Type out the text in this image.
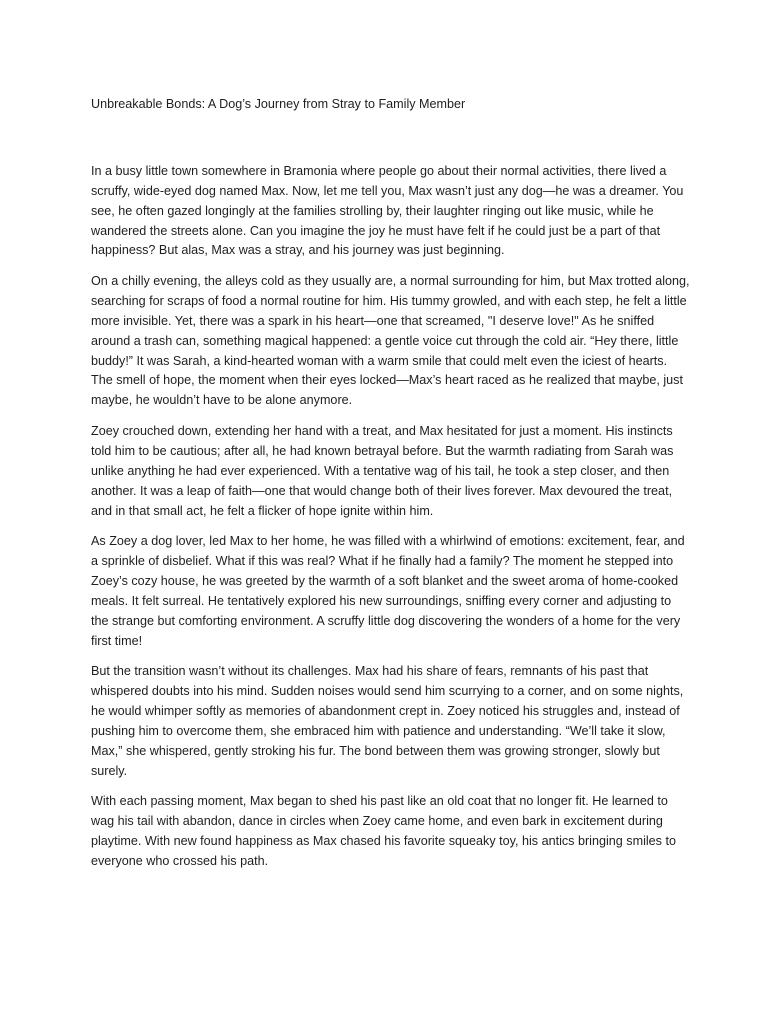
Unbreakable Bonds: A Dog’s Journey from Stray to Family Member

In a busy little town somewhere in Bramonia where people go about their normal activities, there lived a scruffy, wide-eyed dog named Max. Now, let me tell you, Max wasn’t just any dog—he was a dreamer. You see, he often gazed longingly at the families strolling by, their laughter ringing out like music, while he wandered the streets alone. Can you imagine the joy he must have felt if he could just be a part of that happiness? But alas, Max was a stray, and his journey was just beginning.

On a chilly evening, the alleys cold as they usually are, a normal surrounding for him, but Max trotted along, searching for scraps of food a normal routine for him. His tummy growled, and with each step, he felt a little more invisible. Yet, there was a spark in his heart—one that screamed, "I deserve love!" As he sniffed around a trash can, something magical happened: a gentle voice cut through the cold air. “Hey there, little buddy!” It was Sarah, a kind-hearted woman with a warm smile that could melt even the iciest of hearts. The smell of hope, the moment when their eyes locked—Max’s heart raced as he realized that maybe, just maybe, he wouldn’t have to be alone anymore.

Zoey crouched down, extending her hand with a treat, and Max hesitated for just a moment. His instincts told him to be cautious; after all, he had known betrayal before. But the warmth radiating from Sarah was unlike anything he had ever experienced. With a tentative wag of his tail, he took a step closer, and then another. It was a leap of faith—one that would change both of their lives forever. Max devoured the treat, and in that small act, he felt a flicker of hope ignite within him.

As Zoey a dog lover, led Max to her home, he was filled with a whirlwind of emotions: excitement, fear, and a sprinkle of disbelief. What if this was real? What if he finally had a family? The moment he stepped into Zoey’s cozy house, he was greeted by the warmth of a soft blanket and the sweet aroma of home-cooked meals. It felt surreal. He tentatively explored his new surroundings, sniffing every corner and adjusting to the strange but comforting environment. A scruffy little dog discovering the wonders of a home for the very first time!

But the transition wasn’t without its challenges. Max had his share of fears, remnants of his past that whispered doubts into his mind. Sudden noises would send him scurrying to a corner, and on some nights, he would whimper softly as memories of abandonment crept in. Zoey noticed his struggles and, instead of pushing him to overcome them, she embraced him with patience and understanding. “We’ll take it slow, Max,” she whispered, gently stroking his fur. The bond between them was growing stronger, slowly but surely.

With each passing moment, Max began to shed his past like an old coat that no longer fit. He learned to wag his tail with abandon, dance in circles when Zoey came home, and even bark in excitement during playtime. With new found happiness as Max chased his favorite squeaky toy, his antics bringing smiles to everyone who crossed his path.
